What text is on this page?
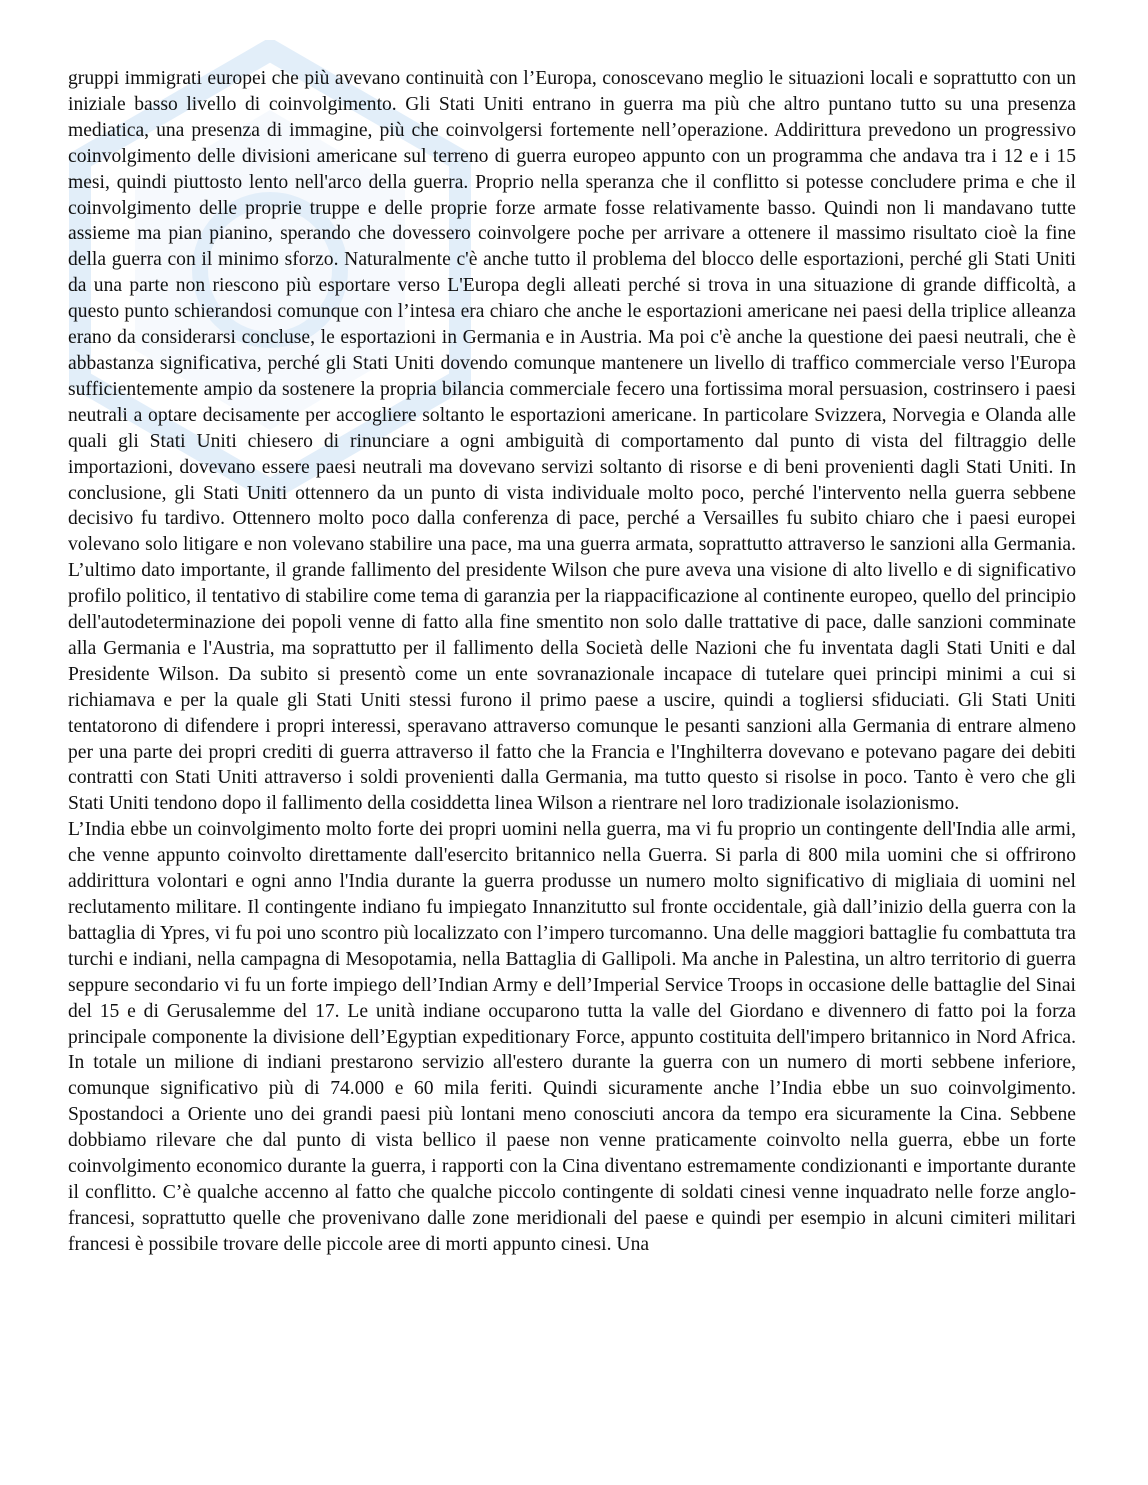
gruppi immigrati europei che più avevano continuità con l’Europa, conoscevano meglio le situazioni locali e soprattutto con un iniziale basso livello di coinvolgimento. Gli Stati Uniti entrano in guerra ma più che altro puntano tutto su una presenza mediatica, una presenza di immagine, più che coinvolgersi fortemente nell’operazione. Addirittura prevedono un progressivo coinvolgimento delle divisioni americane sul terreno di guerra europeo appunto con un programma che andava tra i 12 e i 15 mesi, quindi piuttosto lento nell'arco della guerra. Proprio nella speranza che il conflitto si potesse concludere prima e che il coinvolgimento delle proprie truppe e delle proprie forze armate fosse relativamente basso. Quindi non li mandavano tutte assieme ma pian pianino, sperando che dovessero coinvolgere poche per arrivare a ottenere il massimo risultato cioè la fine della guerra con il minimo sforzo. Naturalmente c'è anche tutto il problema del blocco delle esportazioni, perché gli Stati Uniti da una parte non riescono più esportare verso L'Europa degli alleati perché si trova in una situazione di grande difficoltà, a questo punto schierandosi comunque con l’intesa era chiaro che anche le esportazioni americane nei paesi della triplice alleanza erano da considerarsi concluse, le esportazioni in Germania e in Austria. Ma poi c'è anche la questione dei paesi neutrali, che è abbastanza significativa, perché gli Stati Uniti dovendo comunque mantenere un livello di traffico commerciale verso l'Europa sufficientemente ampio da sostenere la propria bilancia commerciale fecero una fortissima moral persuasion, costrinsero i paesi neutrali a optare decisamente per accogliere soltanto le esportazioni americane. In particolare Svizzera, Norvegia e Olanda alle quali gli Stati Uniti chiesero di rinunciare a ogni ambiguità di comportamento dal punto di vista del filtraggio delle importazioni, dovevano essere paesi neutrali ma dovevano servizi soltanto di risorse e di beni provenienti dagli Stati Uniti. In conclusione, gli Stati Uniti ottennero da un punto di vista individuale molto poco, perché l'intervento nella guerra sebbene decisivo fu tardivo. Ottennero molto poco dalla conferenza di pace, perché a Versailles fu subito chiaro che i paesi europei volevano solo litigare e non volevano stabilire una pace, ma una guerra armata, soprattutto attraverso le sanzioni alla Germania. L’ultimo dato importante, il grande fallimento del presidente Wilson che pure aveva una visione di alto livello e di significativo profilo politico, il tentativo di stabilire come tema di garanzia per la riappacificazione al continente europeo, quello del principio dell'autodeterminazione dei popoli venne di fatto alla fine smentito non solo dalle trattative di pace, dalle sanzioni comminate alla Germania e l'Austria, ma soprattutto per il fallimento della Società delle Nazioni che fu inventata dagli Stati Uniti e dal Presidente Wilson. Da subito si presentò come un ente sovranazionale incapace di tutelare quei principi minimi a cui si richiamava e per la quale gli Stati Uniti stessi furono il primo paese a uscire, quindi a togliersi sfiduciati. Gli Stati Uniti tentatorono di difendere i propri interessi, speravano attraverso comunque le pesanti sanzioni alla Germania di entrare almeno per una parte dei propri crediti di guerra attraverso il fatto che la Francia e l'Inghilterra dovevano e potevano pagare dei debiti contratti con Stati Uniti attraverso i soldi provenienti dalla Germania, ma tutto questo si risolse in poco. Tanto è vero che gli Stati Uniti tendono dopo il fallimento della cosiddetta linea Wilson a rientrare nel loro tradizionale isolazionismo.

L’India ebbe un coinvolgimento molto forte dei propri uomini nella guerra, ma vi fu proprio un contingente dell'India alle armi, che venne appunto coinvolto direttamente dall'esercito britannico nella Guerra. Si parla di 800 mila uomini che si offrirono addirittura volontari e ogni anno l'India durante la guerra produsse un numero molto significativo di migliaia di uomini nel reclutamento militare. Il contingente indiano fu impiegato Innanzitutto sul fronte occidentale, già dall’inizio della guerra con la battaglia di Ypres, vi fu poi uno scontro più localizzato con l’impero turcomanno. Una delle maggiori battaglie fu combattuta tra turchi e indiani, nella campagna di Mesopotamia, nella Battaglia di Gallipoli. Ma anche in Palestina, un altro territorio di guerra seppure secondario vi fu un forte impiego dell’Indian Army e dell’Imperial Service Troops in occasione delle battaglie del Sinai del 15 e di Gerusalemme del 17. Le unità indiane occuparono tutta la valle del Giordano e divennero di fatto poi la forza principale componente la divisione dell’Egyptian expeditionary Force, appunto costituita dell'impero britannico in Nord Africa. In totale un milione di indiani prestarono servizio all'estero durante la guerra con un numero di morti sebbene inferiore, comunque significativo più di 74.000 e 60 mila feriti. Quindi sicuramente anche l’India ebbe un suo coinvolgimento. Spostandoci a Oriente uno dei grandi paesi più lontani meno conosciuti ancora da tempo era sicuramente la Cina. Sebbene dobbiamo rilevare che dal punto di vista bellico il paese non venne praticamente coinvolto nella guerra, ebbe un forte coinvolgimento economico durante la guerra, i rapporti con la Cina diventano estremamente condizionanti e importante durante il conflitto. C’è qualche accenno al fatto che qualche piccolo contingente di soldati cinesi venne inquadrato nelle forze anglo-francesi, soprattutto quelle che provenivano dalle zone meridionali del paese e quindi per esempio in alcuni cimiteri militari francesi è possibile trovare delle piccole aree di morti appunto cinesi. Una
